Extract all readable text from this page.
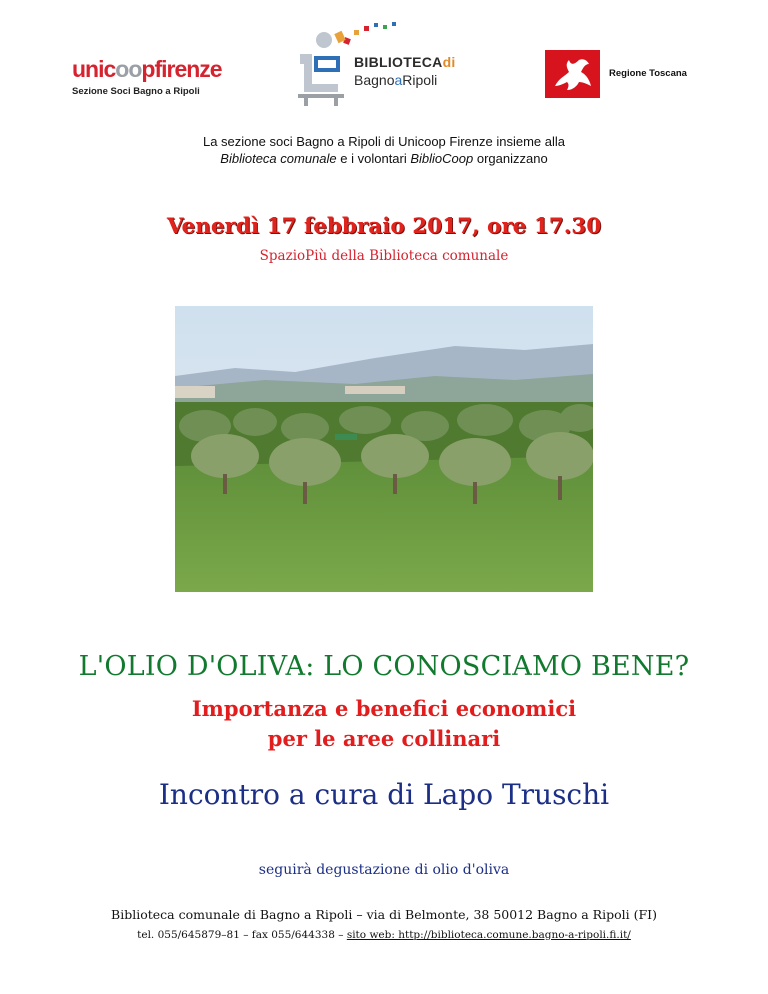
unicoopfirenze
Sezione Soci Bagno a Ripoli
BIBLIOTECAdi
BagnoaRipoli	Regione Toscana
La sezione soci Bagno a Ripoli di Unicoop Firenze insieme alla
Biblioteca comunale e i volontari BiblioCoop organizzano
Venerdì 17 febbraio 2017, ore 17.30
SpazioPiù della Biblioteca comunale
L'OLIO D'OLIVA: LO CONOSCIAMO BENE?
Importanza e benefici economici
per le aree collinari
Incontro a cura di Lapo Truschi
seguirà degustazione di olio d'oliva
Biblioteca comunale di Bagno a Ripoli – via di Belmonte, 38 50012 Bagno a Ripoli (FI)
tel. 055/645879–81 – fax 055/644338 – sito web: http://biblioteca.comune.bagno-a-ripoli.fi.it/
